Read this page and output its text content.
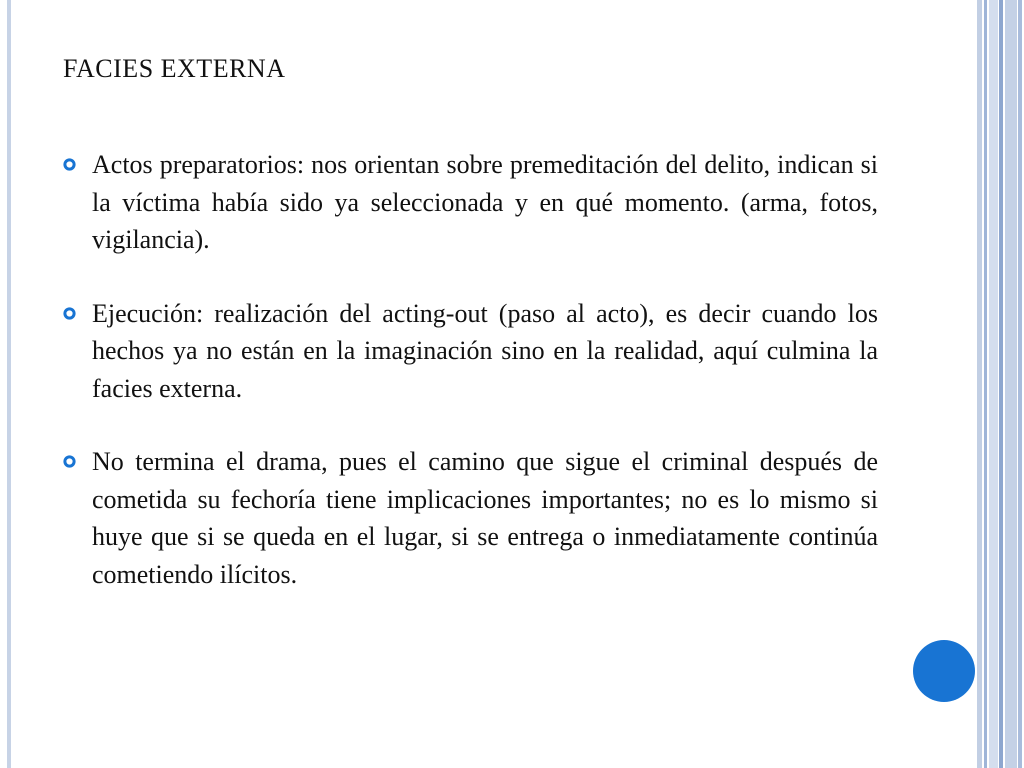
FACIES EXTERNA
Actos preparatorios: nos orientan sobre premeditación del delito, indican si la víctima había sido ya seleccionada y en qué momento. (arma, fotos, vigilancia).
Ejecución: realización del acting-out (paso al acto), es decir cuando los hechos ya no están en la imaginación sino en la realidad, aquí culmina la facies externa.
No termina el drama, pues el camino que sigue el criminal después de cometida su fechoría tiene implicaciones importantes; no es lo mismo si huye que si se queda en el lugar, si se entrega o inmediatamente continúa cometiendo ilícitos.
